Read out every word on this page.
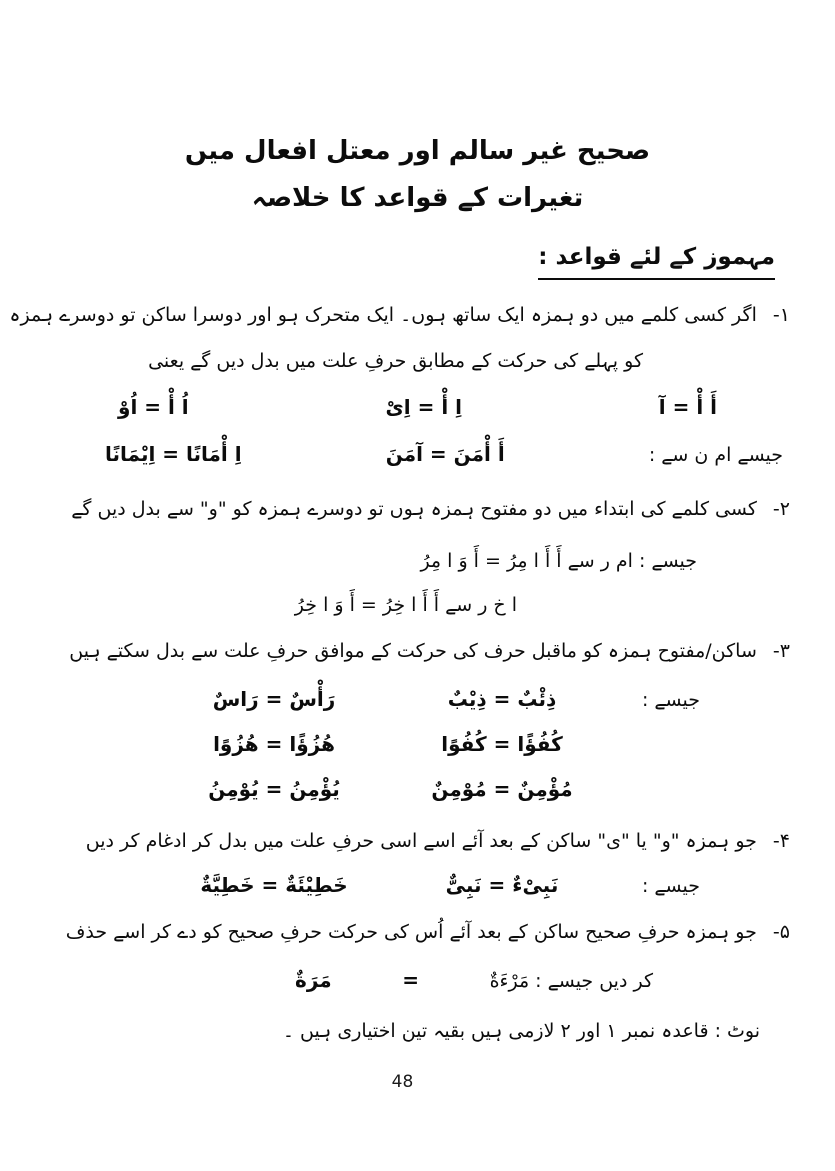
صحیح غیر سالم اور معتل افعال میں
تغیرات کے قواعد کا خلاصہ
مہموز کے لئے قواعد :
۱- اگر کسی کلمے میں دو ہمزہ ایک ساتھ ہوں۔ ایک متحرک ہو اور دوسرا ساکن تو دوسرے ہمزہ
کو پہلے کی حرکت کے مطابق حرفِ علت میں بدل دیں گے یعنی
أَ أْ = آ
اِ أْ = اِیْ
اُ أْ = اُوْ
جیسے ام ن سے :
أَ أْمَنَ = آمَنَ
اِ أْمَانًا = اِیْمَانًا
۲- کسی کلمے کی ابتداء میں دو مفتوح ہمزہ ہوں تو دوسرے ہمزہ کو "و" سے بدل دیں گے
جیسے : ام ر سے أَ أَ ا مِرُ = أَ وَ ا مِرُ
ا خ ر سے أَ أَ ا خِرُ = أَ وَ ا خِرُ
۳- ساکن/مفتوح ہمزہ کو ماقبل حرف کی حرکت کے موافق حرفِ علت سے بدل سکتے ہیں
جیسے :
ذِئْبٌ = ذِیْبٌ
رَأْسٌ = رَاسٌ
كُفُؤًا = كُفُوًا
هُزُؤًا = هُزُوًا
مُؤْمِنٌ = مُوْمِنٌ
یُؤْمِنُ = یُوْمِنُ
۴- جو ہمزہ "و" یا "ی" ساکن کے بعد آئے اسے اسی حرفِ علت میں بدل کر ادغام کر دیں
جیسے :
نَبِیْءٌ = نَبِیٌّ
خَطِیْئَةٌ = خَطِیَّةٌ
۵- جو ہمزہ حرفِ صحیح ساکن کے بعد آئے اُس کی حرکت حرفِ صحیح کو دے کر اسے حذف
کر دیں جیسے : مَرْءَةٌ
=
مَرَةٌ
نوٹ : قاعدہ نمبر ۱ اور ۲ لازمی ہیں بقیہ تین اختیاری ہیں ۔
48
